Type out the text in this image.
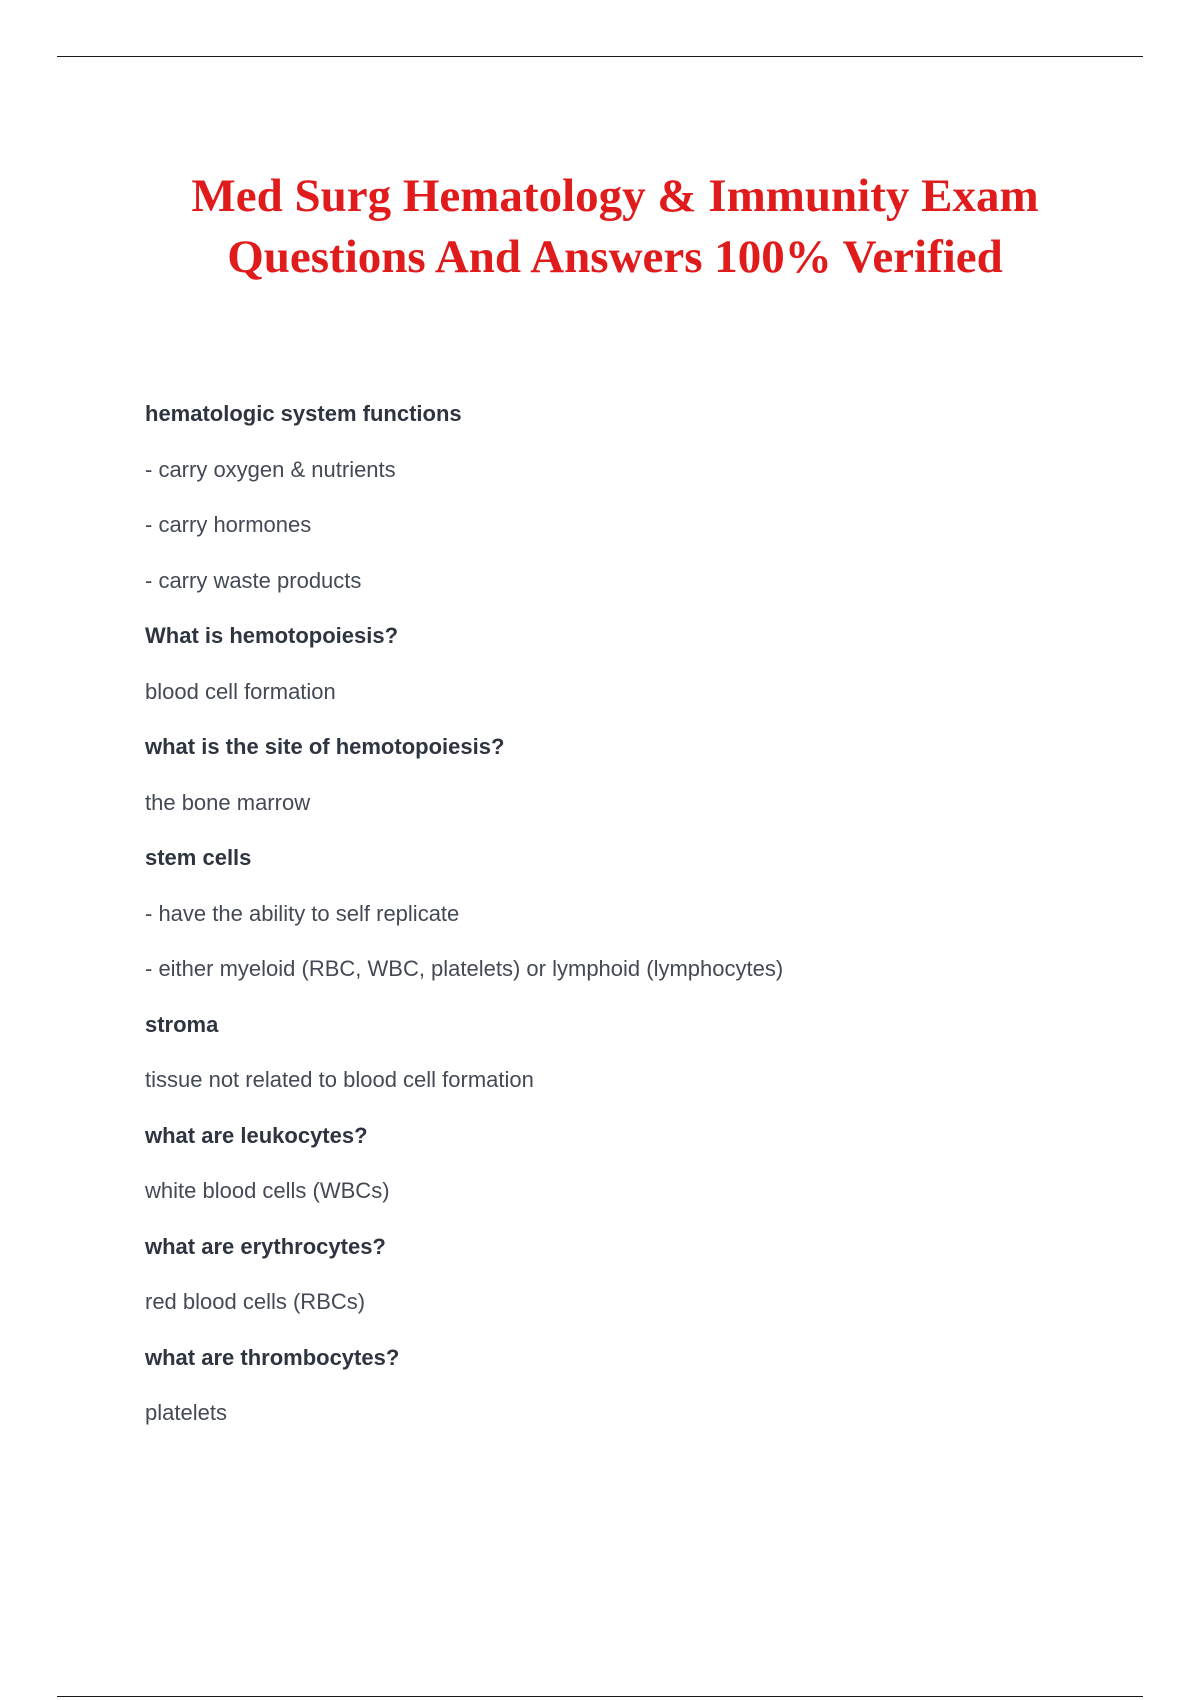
Med Surg Hematology & Immunity Exam
Questions And Answers 100% Verified
hematologic system functions
- carry oxygen & nutrients
- carry hormones
- carry waste products
What is hemotopoiesis?
blood cell formation
what is the site of hemotopoiesis?
the bone marrow
stem cells
- have the ability to self replicate
- either myeloid (RBC, WBC, platelets) or lymphoid (lymphocytes)
stroma
tissue not related to blood cell formation
what are leukocytes?
white blood cells (WBCs)
what are erythrocytes?
red blood cells (RBCs)
what are thrombocytes?
platelets
